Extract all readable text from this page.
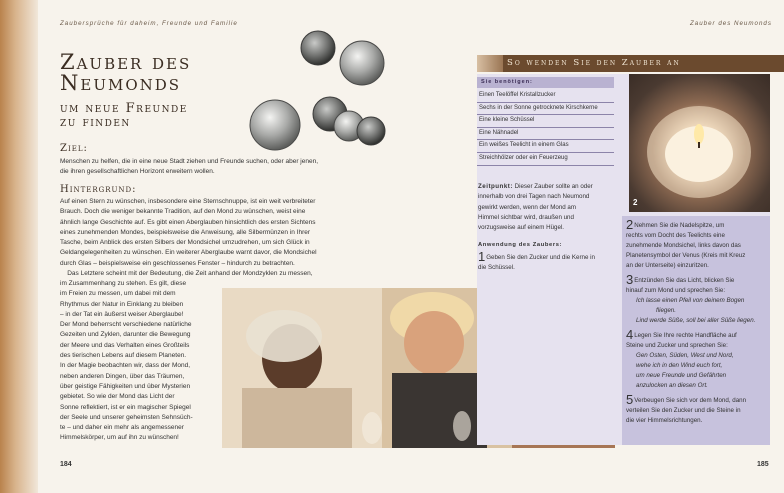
Zaubersprüche für daheim, Freunde und Familie	Zauber des Neumonds
Zauber des
Neumonds
um neue Freunde
zu finden
Ziel:
Menschen zu helfen, die in eine neue Stadt ziehen und Freunde suchen, oder aber jenen,
die ihren gesellschaftlichen Horizont erweitern wollen.
Hintergrund:
Auf einen Stern zu wünschen, insbesondere eine Sternschnuppe, ist ein weit verbreiteter
Brauch. Doch die weniger bekannte Tradition, auf den Mond zu wünschen, weist eine
ähnlich lange Geschichte auf. Es gibt einen Aberglauben hinsichtlich des ersten Sichtens
eines zunehmenden Mondes, beispielsweise die Anweisung, alle Silbermünzen in Ihrer
Tasche, beim Anblick des ersten Silbers der Mondsichel umzudrehen, um sich Glück in
Geldangelegenheiten zu wünschen. Ein weiterer Aberglaube warnt davor, die Mondsichel
durch Glas – beispielsweise ein geschlossenes Fenster – hindurch zu betrachten.
Das Letztere scheint mit der Bedeutung, die Zeit anhand der Mondzyklen zu messen,
im Zusammenhang zu stehen. Es gilt, diese
im Freien zu messen, um dabei mit dem
Rhythmus der Natur in Einklang zu bleiben
– in der Tat ein äußerst weiser Aberglaube!
Der Mond beherrscht verschiedene natürliche
Gezeiten und Zyklen, darunter die Bewegung
der Meere und das Verhalten eines Großteils
des tierischen Lebens auf diesem Planeten.
In der Magie beobachten wir, dass der Mond,
neben anderen Dingen, über das Träumen,
über geistige Fähigkeiten und über Mysterien
gebietet. So wie der Mond das Licht der
Sonne reflektiert, ist er ein magischer Spiegel
der Seele und unserer geheimsten Sehnsüch-
te – und daher ein mehr als angemessener
Himmelskörper, um auf ihn zu wünschen!
184	185
So wenden Sie den Zauber an
Sie benötigen:
Einen Teelöffel Kristallzucker
Sechs in der Sonne getrocknete Kirschkerne
Eine kleine Schüssel
Eine Nähnadel
Ein weißes Teelicht in einem Glas
Streichhölzer oder ein Feuerzeug
Zeitpunkt: Dieser Zauber sollte an oder
innerhalb von drei Tagen nach Neumond
gewirkt werden, wenn der Mond am
Himmel sichtbar wird, draußen und
vorzugsweise auf einem Hügel.
Anwendung des Zaubers:
1Geben Sie den Zucker und die Kerne in
die Schüssel.
2
2Nehmen Sie die Nadelspitze, um
rechts vom Docht des Teelichts eine
zunehmende Mondsichel, links davon das
Planetensymbol der Venus (Kreis mit Kreuz
an der Unterseite) einzuritzen.
3Entzünden Sie das Licht, blicken Sie
hinauf zum Mond und sprechen Sie:
Ich lasse einen Pfeil von deinem Bogen
fliegen.
Lind werde Süße, soll bei aller Süße liegen.
4Legen Sie Ihre rechte Handfläche auf
Steine und Zucker und sprechen Sie:
Gen Osten, Süden, West und Nord,
wehe ich in den Wind euch fort,
um neue Freunde und Gefährten
anzulocken an diesen Ort.
5Verbeugen Sie sich vor dem Mond, dann
verteilen Sie den Zucker und die Steine in
die vier Himmelsrichtungen.
